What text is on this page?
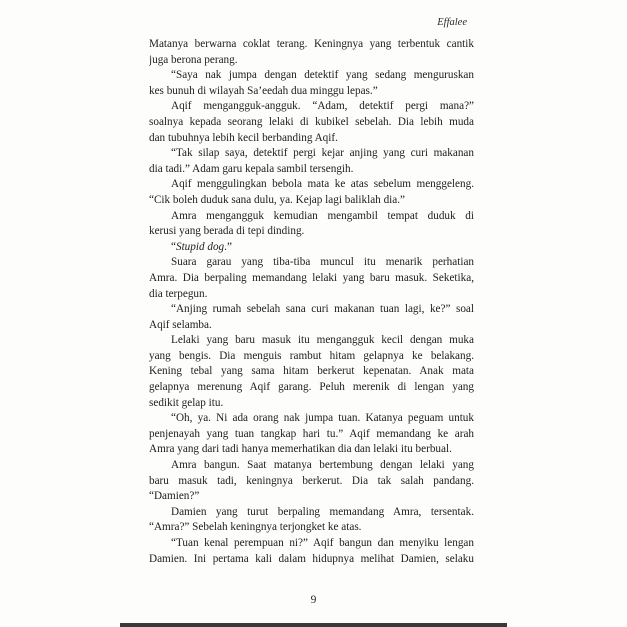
Effalee
Matanya berwarna coklat terang. Keningnya yang terbentuk cantik
juga berona perang.
“Saya nak jumpa dengan detektif yang sedang menguruskan
kes bunuh di wilayah Sa’eedah dua minggu lepas.”
Aqif mengangguk-angguk. “Adam, detektif pergi mana?”
soalnya kepada seorang lelaki di kubikel sebelah. Dia lebih muda
dan tubuhnya lebih kecil berbanding Aqif.
“Tak silap saya, detektif pergi kejar anjing yang curi makanan
dia tadi.” Adam garu kepala sambil tersengih.
Aqif menggulingkan bebola mata ke atas sebelum menggeleng.
“Cik boleh duduk sana dulu, ya. Kejap lagi baliklah dia.”
Amra mengangguk kemudian mengambil tempat duduk di
kerusi yang berada di tepi dinding.
“Stupid dog.”
Suara garau yang tiba-tiba muncul itu menarik perhatian
Amra. Dia berpaling memandang lelaki yang baru masuk. Seketika,
dia terpegun.
“Anjing rumah sebelah sana curi makanan tuan lagi, ke?” soal
Aqif selamba.
Lelaki yang baru masuk itu mengangguk kecil dengan muka
yang bengis. Dia menguis rambut hitam gelapnya ke belakang.
Kening tebal yang sama hitam berkerut kepenatan. Anak mata
gelapnya merenung Aqif garang. Peluh merenik di lengan yang
sedikit gelap itu.
“Oh, ya. Ni ada orang nak jumpa tuan. Katanya peguam untuk
penjenayah yang tuan tangkap hari tu.” Aqif memandang ke arah
Amra yang dari tadi hanya memerhatikan dia dan lelaki itu berbual.
Amra bangun. Saat matanya bertembung dengan lelaki yang
baru masuk tadi, keningnya berkerut. Dia tak salah pandang.
“Damien?”
Damien yang turut berpaling memandang Amra, tersentak.
“Amra?” Sebelah keningnya terjongket ke atas.
“Tuan kenal perempuan ni?” Aqif bangun dan menyiku lengan
Damien. Ini pertama kali dalam hidupnya melihat Damien, selaku
9
